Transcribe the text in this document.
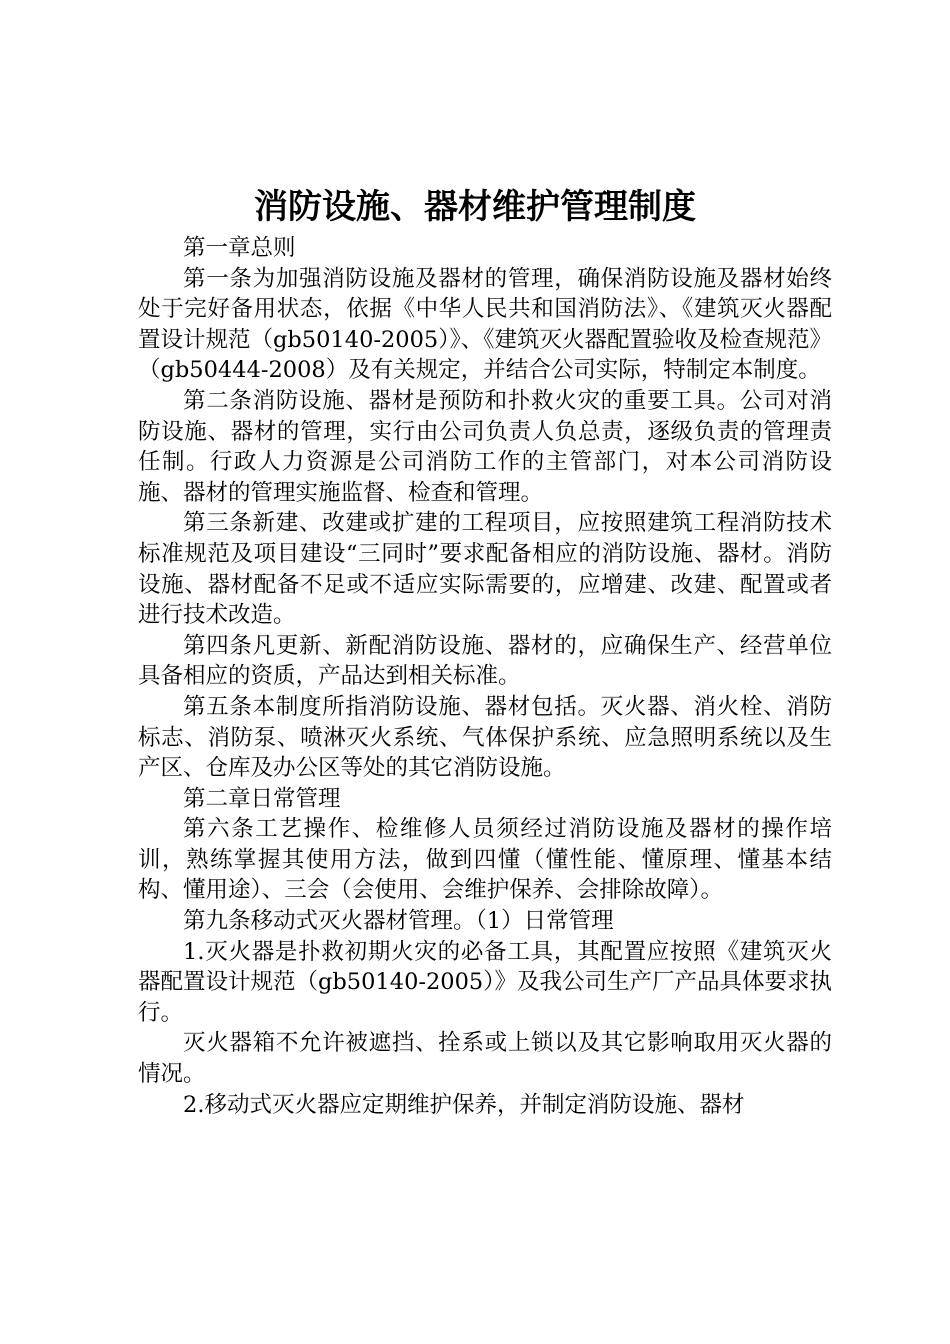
消防设施、器材维护管理制度

第一章总则

第一条为加强消防设施及器材的管理，确保消防设施及器材始终处于完好备用状态，依据《中华人民共和国消防法》、《建筑灭火器配置设计规范（gb50140-2005）》、《建筑灭火器配置验收及检查规范》（gb50444-2008）及有关规定，并结合公司实际，特制定本制度。

第二条消防设施、器材是预防和扑救火灾的重要工具。公司对消防设施、器材的管理，实行由公司负责人负总责，逐级负责的管理责任制。行政人力资源是公司消防工作的主管部门，对本公司消防设施、器材的管理实施监督、检查和管理。

第三条新建、改建或扩建的工程项目，应按照建筑工程消防技术标准规范及项目建设“三同时”要求配备相应的消防设施、器材。消防设施、器材配备不足或不适应实际需要的，应增建、改建、配置或者进行技术改造。

第四条凡更新、新配消防设施、器材的，应确保生产、经营单位具备相应的资质，产品达到相关标准。

第五条本制度所指消防设施、器材包括。灭火器、消火栓、消防标志、消防泵、喷淋灭火系统、气体保护系统、应急照明系统以及生产区、仓库及办公区等处的其它消防设施。

第二章日常管理

第六条工艺操作、检维修人员须经过消防设施及器材的操作培训，熟练掌握其使用方法，做到四懂（懂性能、懂原理、懂基本结构、懂用途）、三会（会使用、会维护保养、会排除故障）。

第九条移动式灭火器材管理。（1）日常管理

1.灭火器是扑救初期火灾的必备工具，其配置应按照《建筑灭火器配置设计规范（gb50140-2005）》及我公司生产厂产品具体要求执行。

灭火器箱不允许被遮挡、拴系或上锁以及其它影响取用灭火器的情况。

2.移动式灭火器应定期维护保养，并制定消防设施、器材
